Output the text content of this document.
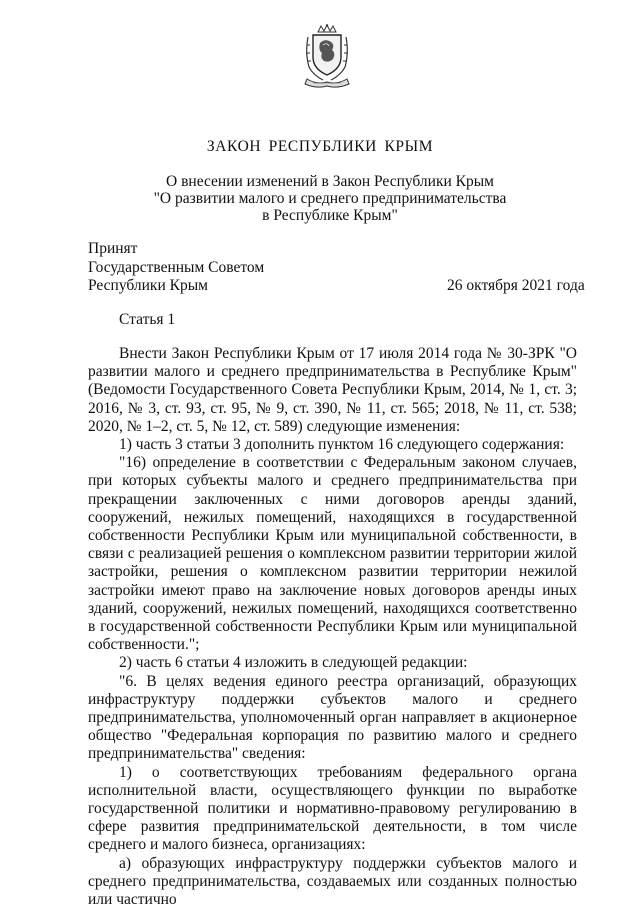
ЗАКОН РЕСПУБЛИКИ КРЫМ
О внесении изменений в Закон Республики Крым
"О развитии малого и среднего предпринимательства
в Республике Крым"
Принят
Государственным Советом
Республики Крым	26 октября 2021 года
Статья 1

Внести Закон Республики Крым от 17 июля 2014 года № 30-ЗРК "О развитии малого и среднего предпринимательства в Республике Крым" (Ведомости Государственного Совета Республики Крым, 2014, № 1, ст. 3; 2016, № 3, ст. 93, ст. 95, № 9, ст. 390, № 11, ст. 565; 2018, № 11, ст. 538; 2020, № 1–2, ст. 5, № 12, ст. 589) следующие изменения:

1) часть 3 статьи 3 дополнить пунктом 16 следующего содержания:

"16) определение в соответствии с Федеральным законом случаев, при которых субъекты малого и среднего предпринимательства при прекращении заключенных с ними договоров аренды зданий, сооружений, нежилых помещений, находящихся в государственной собственности Республики Крым или муниципальной собственности, в связи с реализацией решения о комплексном развитии территории жилой застройки, решения о комплексном развитии территории нежилой застройки имеют право на заключение новых договоров аренды иных зданий, сооружений, нежилых помещений, находящихся соответственно в государственной собственности Республики Крым или муниципальной собственности.";

2) часть 6 статьи 4 изложить в следующей редакции:

"6. В целях ведения единого реестра организаций, образующих инфраструктуру поддержки субъектов малого и среднего предпринимательства, уполномоченный орган направляет в акционерное общество "Федеральная корпорация по развитию малого и среднего предпринимательства" сведения:

1) о соответствующих требованиям федерального органа исполнительной власти, осуществляющего функции по выработке государственной политики и нормативно-правовому регулированию в сфере развития предпринимательской деятельности, в том числе среднего и малого бизнеса, организациях:

а) образующих инфраструктуру поддержки субъектов малого и среднего предпринимательства, создаваемых или созданных полностью или частично
